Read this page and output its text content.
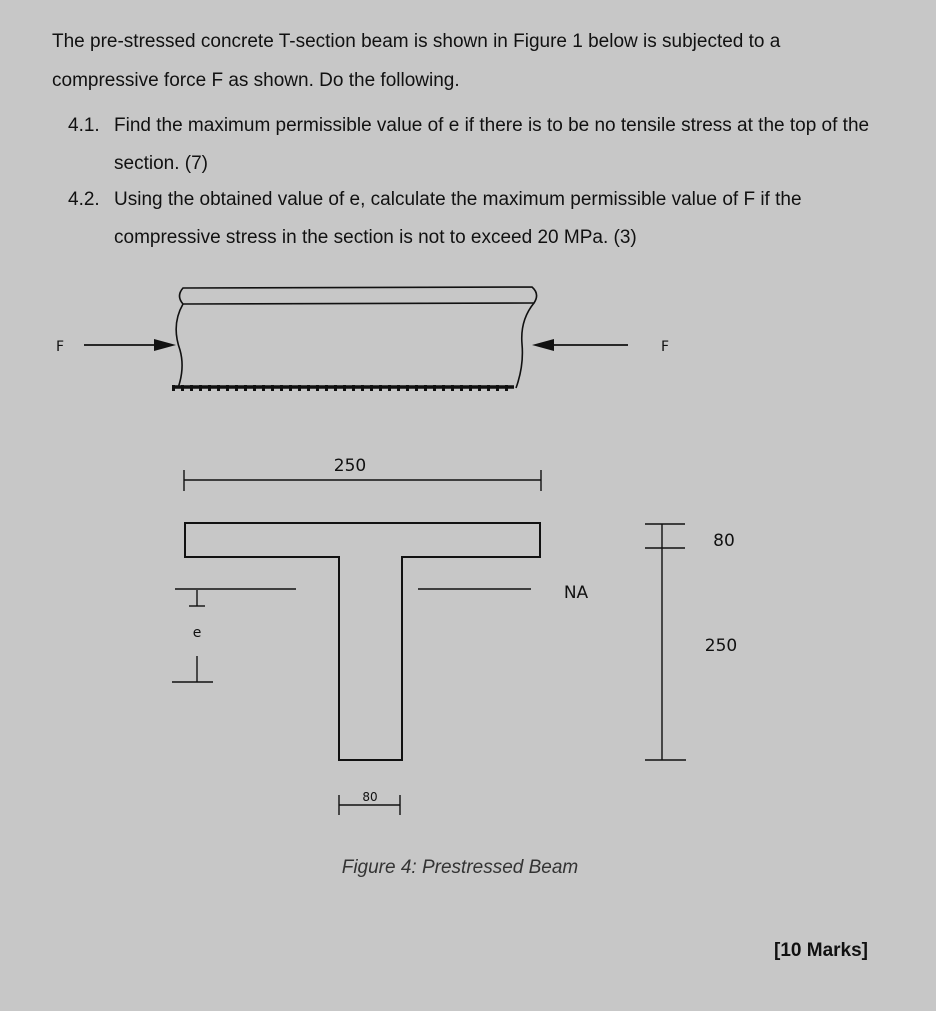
The pre-stressed concrete T-section beam is shown in Figure 1 below is subjected to a compressive force F as shown. Do the following.

4.1. Find the maximum permissible value of e if there is to be no tensile stress at the top of the section. (7)
4.2. Using the obtained value of e, calculate the maximum permissible value of F if the compressive stress in the section is not to exceed 20 MPa. (3)
F	F
250
NA
e
80
250
80
Figure 4: Prestressed Beam
[10 Marks]
